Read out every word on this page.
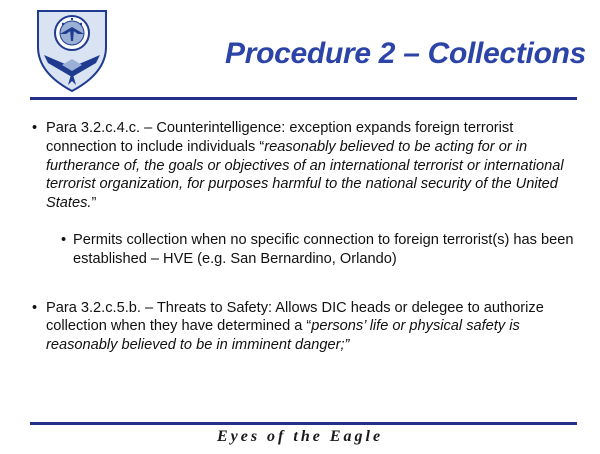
Procedure 2 – Collections
• Para 3.2.c.4.c. – Counterintelligence: exception expands foreign terrorist connection to include individuals “reasonably believed to be acting for or in furtherance of, the goals or objectives of an international terrorist or international terrorist organization, for purposes harmful to the national security of the United States.”
• Permits collection when no specific connection to foreign terrorist(s) has been established – HVE (e.g. San Bernardino, Orlando)
• Para 3.2.c.5.b. – Threats to Safety: Allows DIC heads or delegee to authorize collection when they have determined a “persons’ life or physical safety is reasonably believed to be in imminent danger;”
Eyes of the Eagle
